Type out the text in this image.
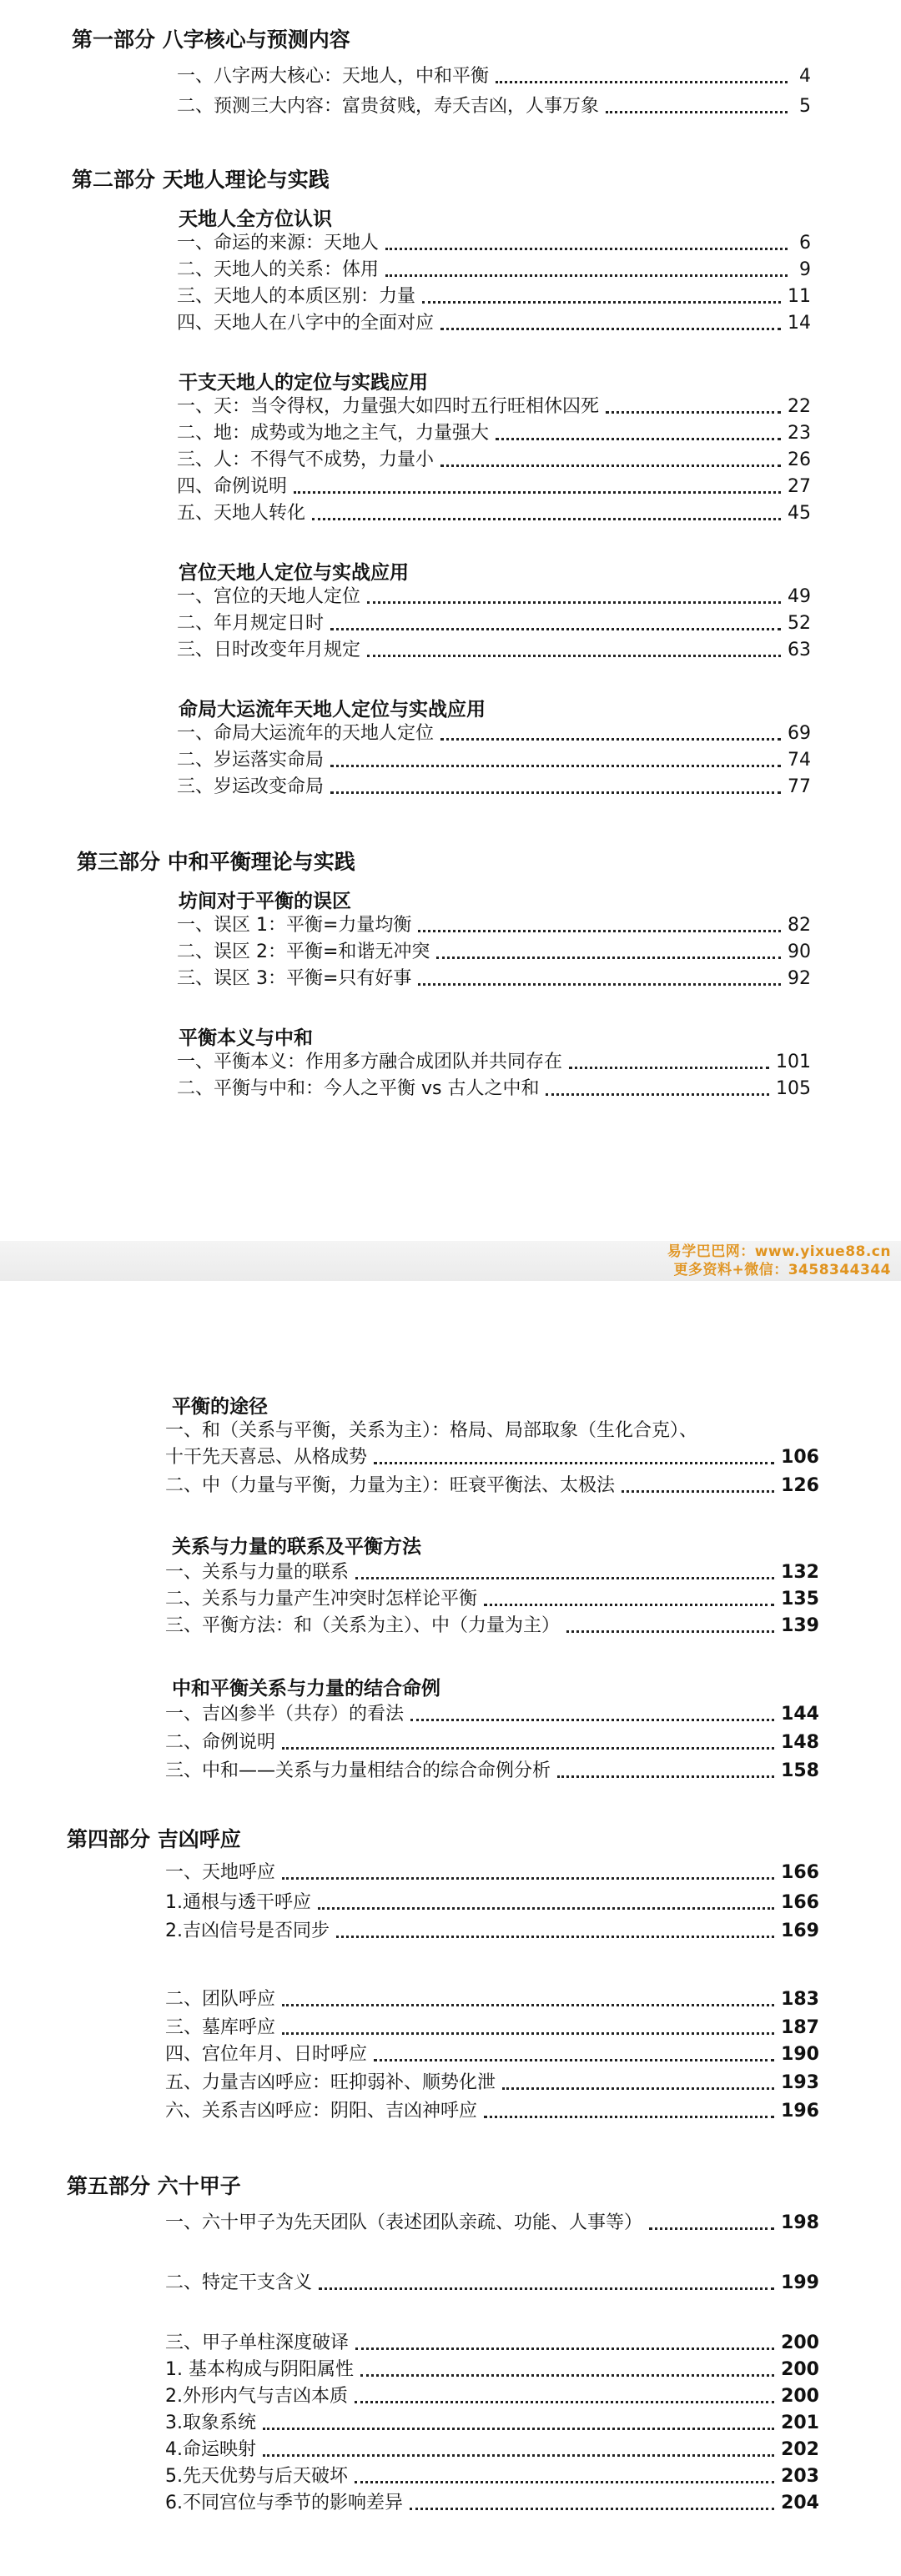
第一部分 八字核心与预测内容
一、八字两大核心：天地人，中和平衡	4
二、预测三大内容：富贵贫贱，寿夭吉凶，人事万象	5
第二部分 天地人理论与实践
天地人全方位认识
一、命运的来源：天地人	6
二、天地人的关系：体用	9
三、天地人的本质区别：力量	11
四、天地人在八字中的全面对应	14
干支天地人的定位与实践应用
一、天：当令得权，力量强大如四时五行旺相休囚死	22
二、地：成势或为地之主气，力量强大	23
三、人：不得气不成势，力量小	26
四、命例说明	27
五、天地人转化	45
宫位天地人定位与实战应用
一、宫位的天地人定位	49
二、年月规定日时	52
三、日时改变年月规定	63
命局大运流年天地人定位与实战应用
一、命局大运流年的天地人定位	69
二、岁运落实命局	74
三、岁运改变命局	77
第三部分 中和平衡理论与实践
坊间对于平衡的误区
一、误区 1：平衡=力量均衡	82
二、误区 2：平衡=和谐无冲突	90
三、误区 3：平衡=只有好事	92
平衡本义与中和
一、平衡本义：作用多方融合成团队并共同存在	101
二、平衡与中和：今人之平衡 vs 古人之中和	105
易学巴巴网：www.yixue88.cn
更多资料+微信：3458344344
平衡的途径
一、和（关系与平衡，关系为主）：格局、局部取象（生化合克）、
十干先天喜忌、从格成势	106
二、中（力量与平衡，力量为主）：旺衰平衡法、太极法	126
关系与力量的联系及平衡方法
一、关系与力量的联系	132
二、关系与力量产生冲突时怎样论平衡	135
三、平衡方法：和（关系为主）、中（力量为主）	139
中和平衡关系与力量的结合命例
一、吉凶参半（共存）的看法	144
二、命例说明	148
三、中和——关系与力量相结合的综合命例分析	158
第四部分 吉凶呼应
一、天地呼应	166
1.通根与透干呼应	166
2.吉凶信号是否同步	169
二、团队呼应	183
三、墓库呼应	187
四、宫位年月、日时呼应	190
五、力量吉凶呼应：旺抑弱补、顺势化泄	193
六、关系吉凶呼应：阴阳、吉凶神呼应	196
第五部分 六十甲子
一、六十甲子为先天团队（表述团队亲疏、功能、人事等）	198
二、特定干支含义	199
三、甲子单柱深度破译	200
1. 基本构成与阴阳属性	200
2.外形内气与吉凶本质	200
3.取象系统	201
4.命运映射	202
5.先天优势与后天破坏	203
6.不同宫位与季节的影响差异	204
